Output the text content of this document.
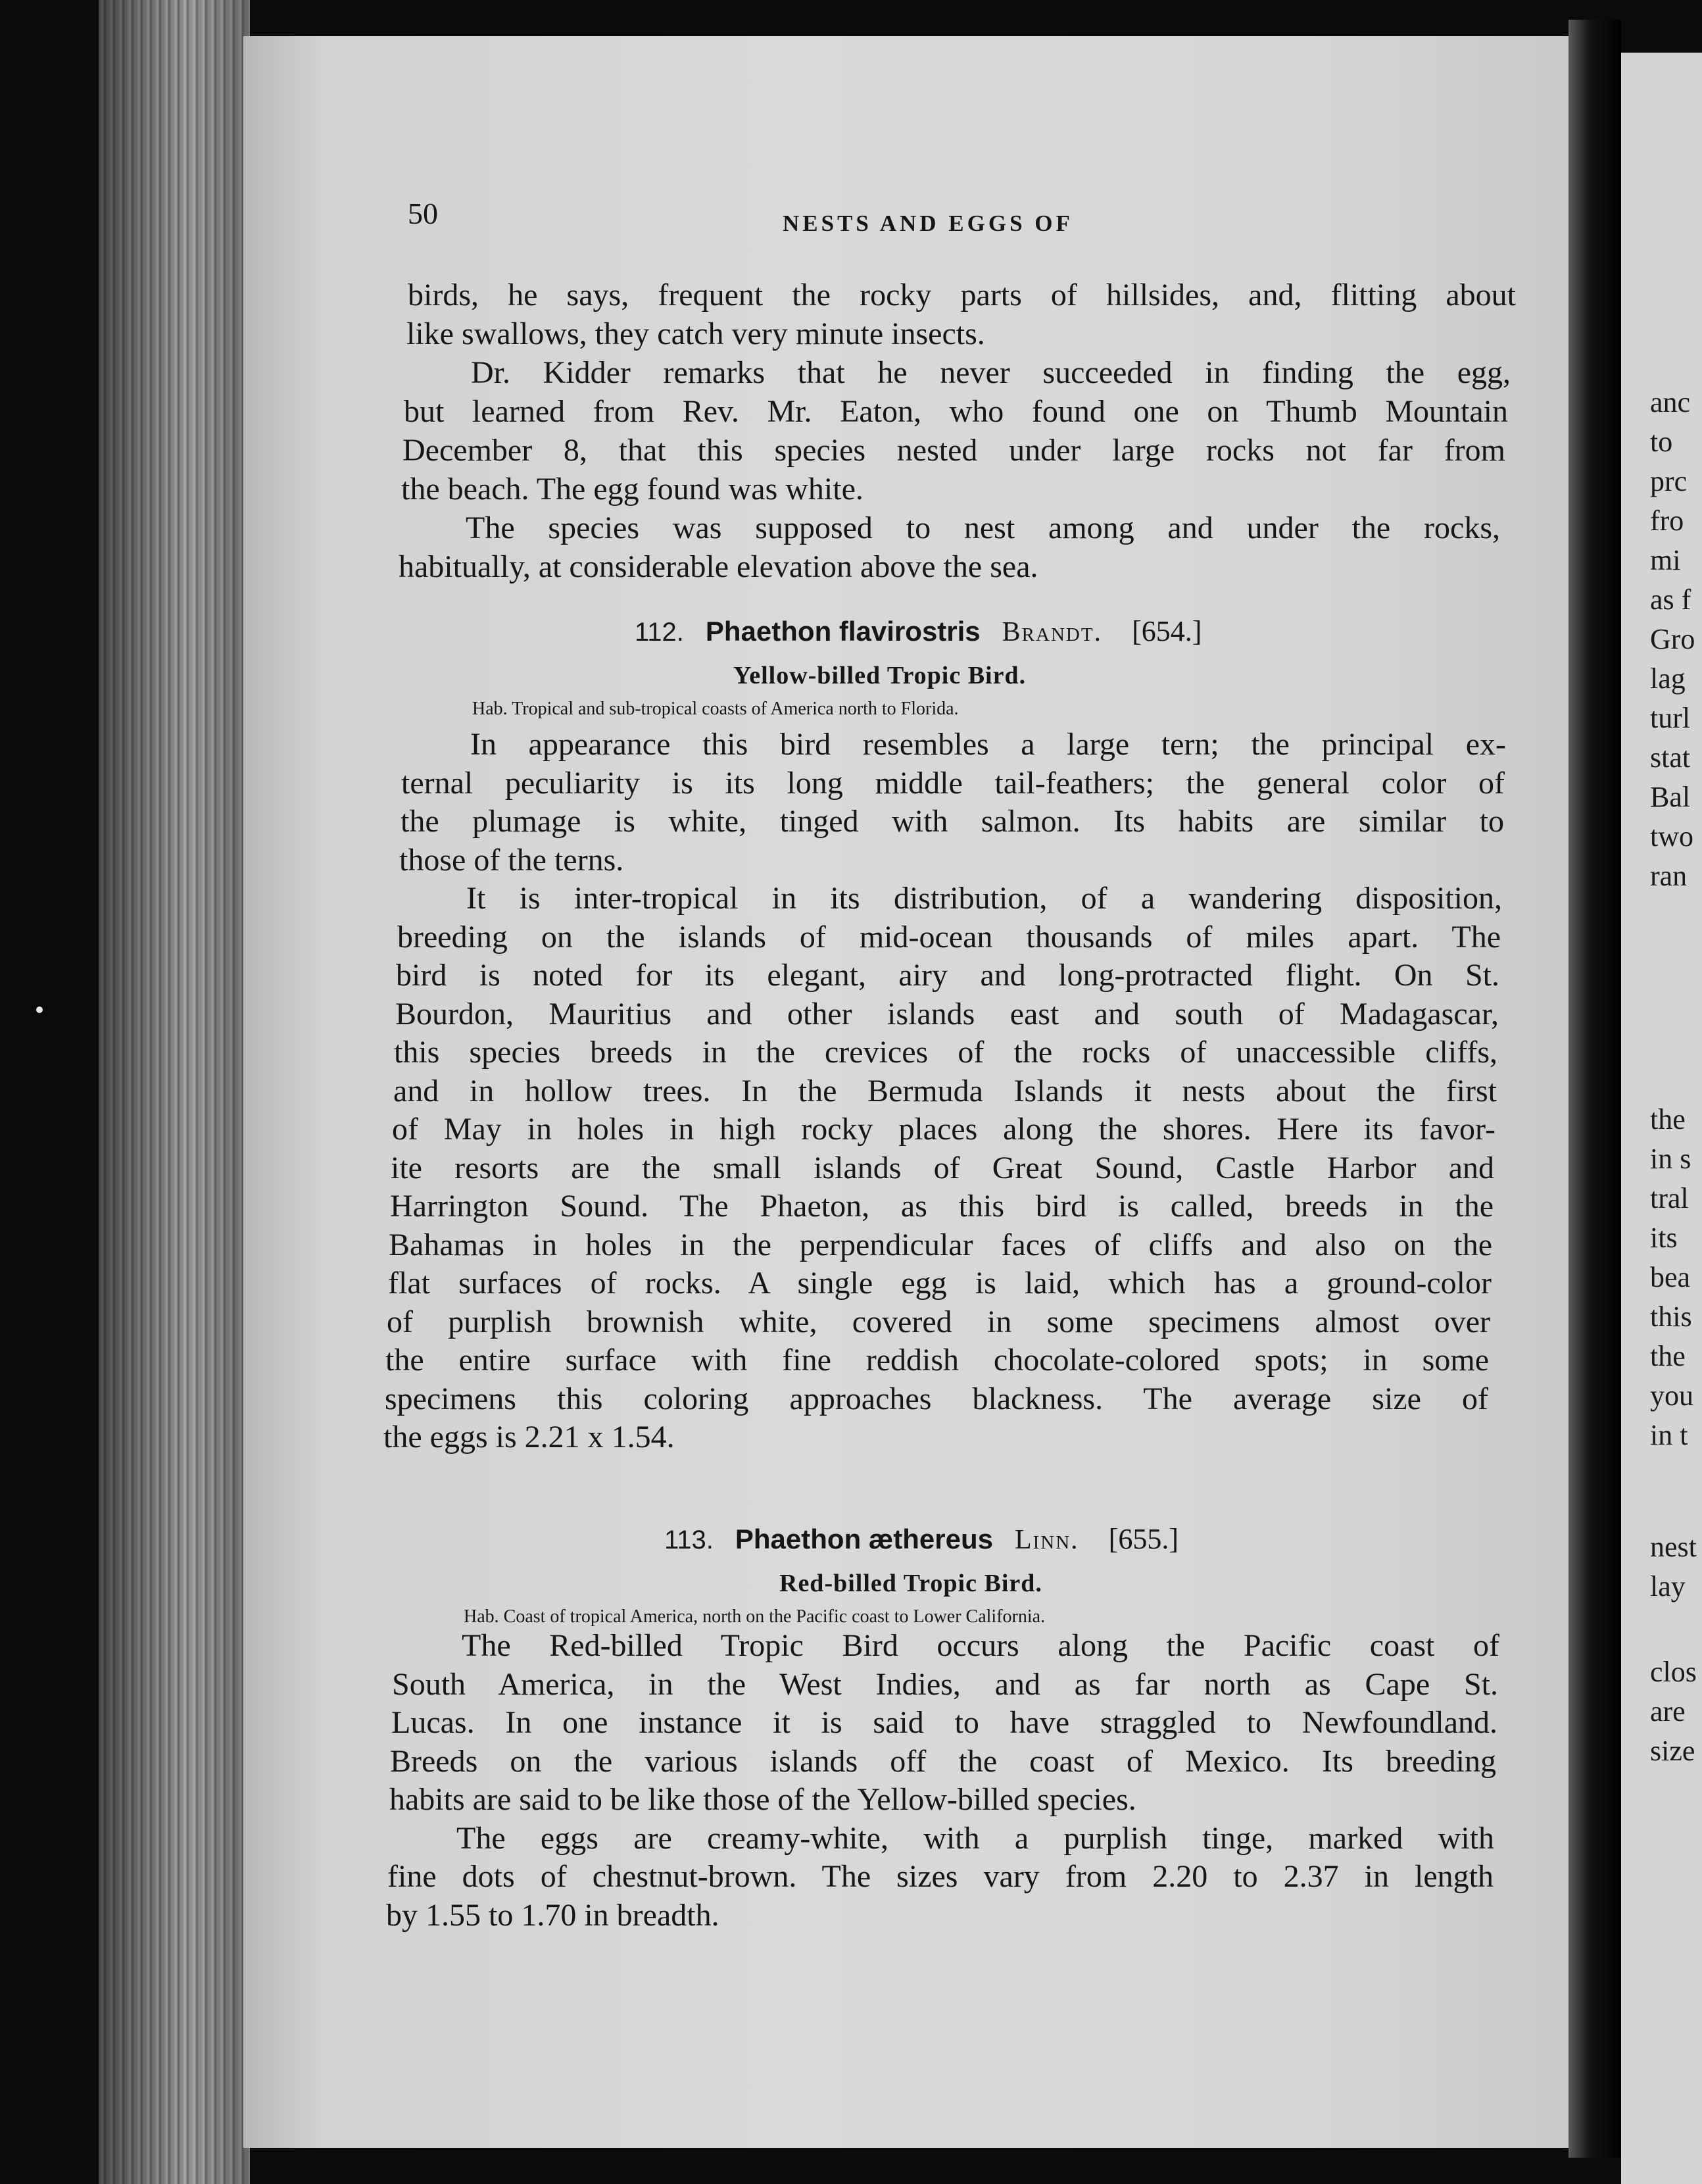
anc
to
prc
fro
mi
as f
Gro
lag
turl
stat
Bal
two
ran
the
in s
tral
its
bea
this
the
you
in t
nest
lay
clos
are
size
50	NESTS AND EGGS OF
birds, he says, frequent the rocky parts of hillsides, and, flitting about
like swallows, they catch very minute insects.
Dr. Kidder remarks that he never succeeded in finding the egg,
but learned from Rev. Mr. Eaton, who found one on Thumb Mountain
December 8, that this species nested under large rocks not far from
the beach. The egg found was white.
The species was supposed to nest among and under the rocks,
habitually, at considerable elevation above the sea.
112. Phaethon flavirostris Brandt. [654.]
Yellow-billed Tropic Bird.
Hab. Tropical and sub-tropical coasts of America north to Florida.
In appearance this bird resembles a large tern; the principal ex-
ternal peculiarity is its long middle tail-feathers; the general color of
the plumage is white, tinged with salmon. Its habits are similar to
those of the terns.
It is inter-tropical in its distribution, of a wandering disposition,
breeding on the islands of mid-ocean thousands of miles apart. The
bird is noted for its elegant, airy and long-protracted flight. On St.
Bourdon, Mauritius and other islands east and south of Madagascar,
this species breeds in the crevices of the rocks of unaccessible cliffs,
and in hollow trees. In the Bermuda Islands it nests about the first
of May in holes in high rocky places along the shores. Here its favor-
ite resorts are the small islands of Great Sound, Castle Harbor and
Harrington Sound. The Phaeton, as this bird is called, breeds in the
Bahamas in holes in the perpendicular faces of cliffs and also on the
flat surfaces of rocks. A single egg is laid, which has a ground-color
of purplish brownish white, covered in some specimens almost over
the entire surface with fine reddish chocolate-colored spots; in some
specimens this coloring approaches blackness. The average size of
the eggs is 2.21 x 1.54.
113. Phaethon æthereus Linn. [655.]
Red-billed Tropic Bird.
Hab. Coast of tropical America, north on the Pacific coast to Lower California.
The Red-billed Tropic Bird occurs along the Pacific coast of
South America, in the West Indies, and as far north as Cape St.
Lucas. In one instance it is said to have straggled to Newfoundland.
Breeds on the various islands off the coast of Mexico. Its breeding
habits are said to be like those of the Yellow-billed species.
The eggs are creamy-white, with a purplish tinge, marked with
fine dots of chestnut-brown. The sizes vary from 2.20 to 2.37 in length
by 1.55 to 1.70 in breadth.
